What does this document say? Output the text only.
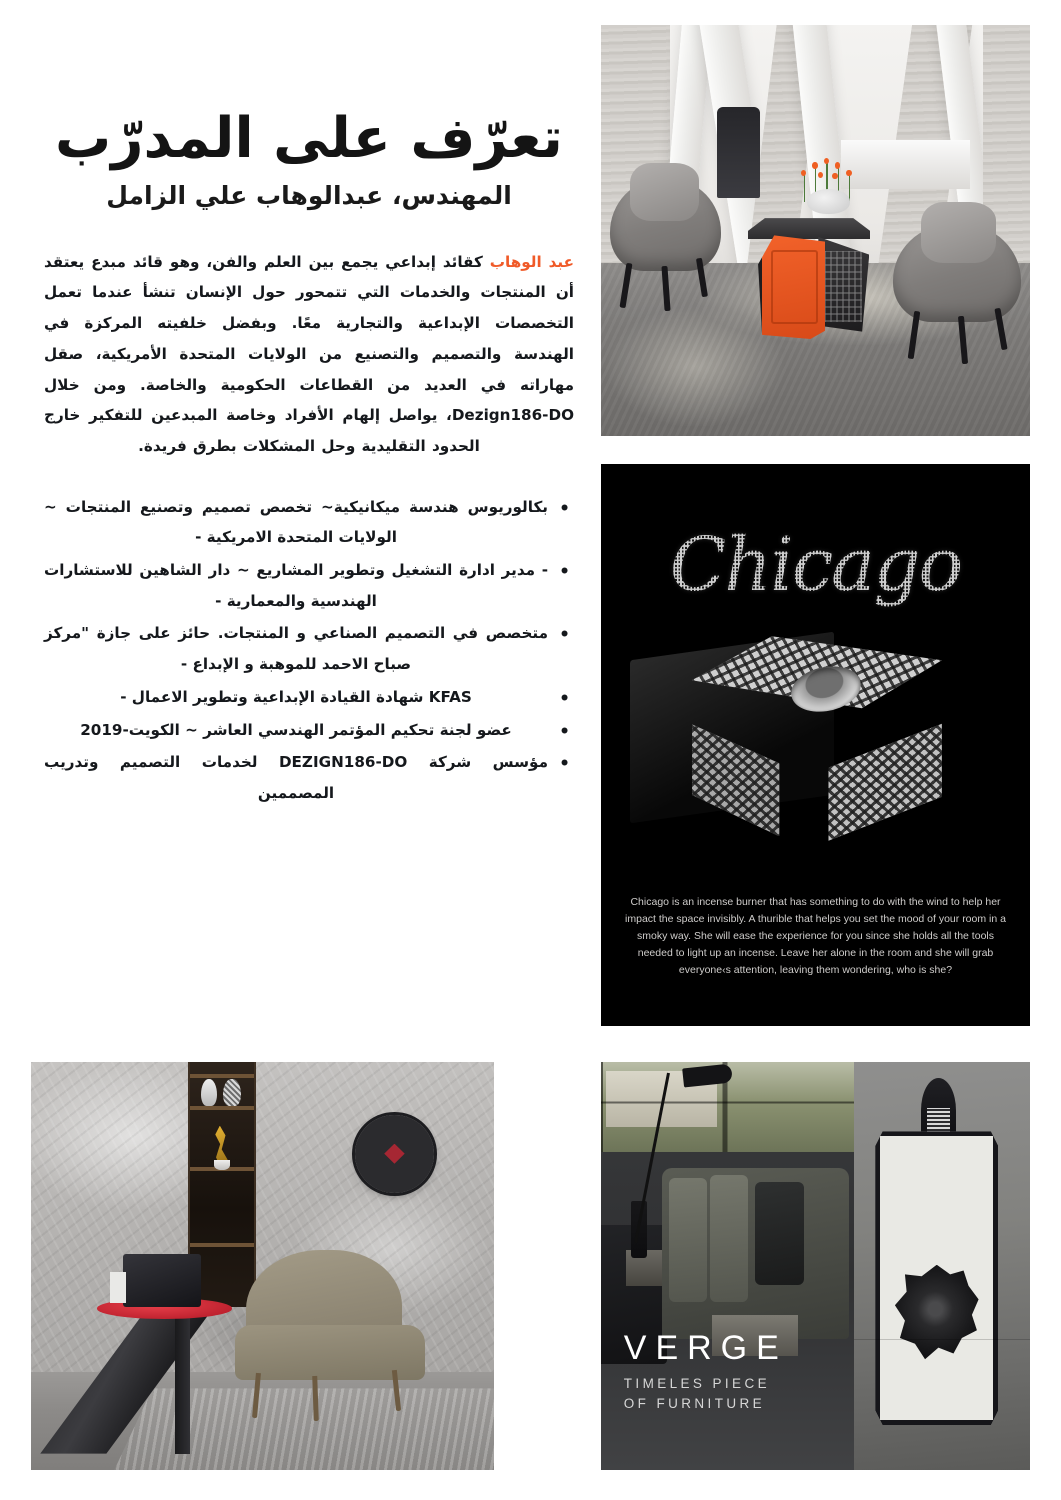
تعرّف على المدرّب
المهندس، عبدالوهاب علي الزامل

عبد الوهاب كقائد إبداعي يجمع بين العلم والفن، وهو قائد مبدع يعتقد أن المنتجات والخدمات التي تتمحور حول الإنسان تنشأ عندما تعمل التخصصات الإبداعية والتجارية معًا. وبفضل خلفيته المركزة في الهندسة والتصميم والتصنيع من الولايات المتحدة الأمريكية، صقل مهاراته في العديد من القطاعات الحكومية والخاصة. ومن خلال Dezign186-DO، يواصل إلهام الأفراد وخاصة المبدعين للتفكير خارج الحدود التقليدية وحل المشكلات بطرق فريدة.

• بكالوريوس هندسة ميكانيكية~ تخصص تصميم وتصنيع المنتجات ~ الولايات المتحدة الامريكية -
• - مدير ادارة التشغيل وتطوير المشاريع ~ دار الشاهين للاستشارات الهندسية والمعمارية -
• متخصص في التصميم الصناعي و المنتجات. حائز على جازة "مركز صباح الاحمد للموهبة و الإبداع -
• KFAS شهادة القيادة الإبداعية وتطوير الاعمال -
• عضو لجنة تحكيم المؤتمر الهندسي العاشر ~ الكويت-2019
• مؤسس شركة DEZIGN186-DO لخدمات التصميم وتدريب المصممين
Chicago

Chicago is an incense burner that has something to do with the wind to help her impact the space invisibly. A thurible that helps you set the mood of your room in a smoky way. She will ease the experience for you since she holds all the tools needed to light up an incense. Leave her alone in the room and she will grab everyone‹s attention, leaving them wondering, who is she?

VERGE
TIMELES PIECE OF FURNITURE
